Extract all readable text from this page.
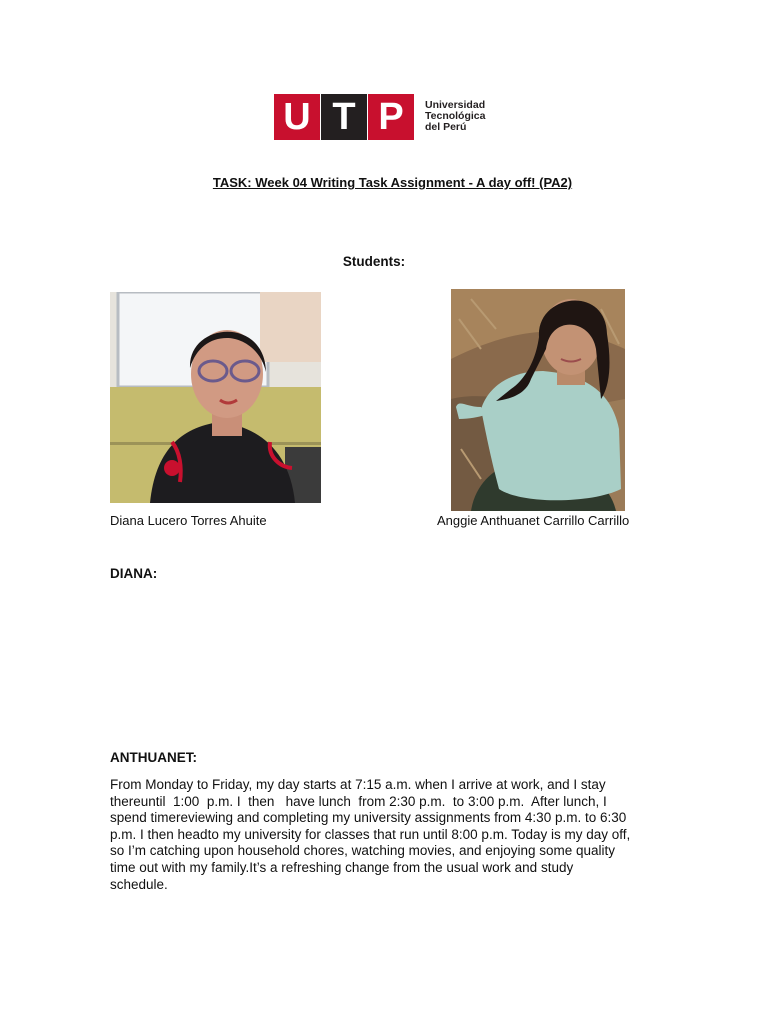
U T P	Universidad
Tecnológica
del Perú
TASK: Week 04 Writing Task Assignment - A day off! (PA2)
Students:
Diana Lucero Torres Ahuite	Anggie Anthuanet Carrillo Carrillo
DIANA:
ANTHUANET:
From Monday to Friday, my day starts at 7:15 a.m. when I arrive at work, and I stay
thereuntil  1:00  p.m. I  then   have lunch  from 2:30 p.m.  to 3:00 p.m.  After lunch, I
spend timereviewing and completing my university assignments from 4:30 p.m. to 6:30
p.m. I then headto my university for classes that run until 8:00 p.m. Today is my day off,
so I’m catching upon household chores, watching movies, and enjoying some quality
time out with my family.It’s a refreshing change from the usual work and study
schedule.
